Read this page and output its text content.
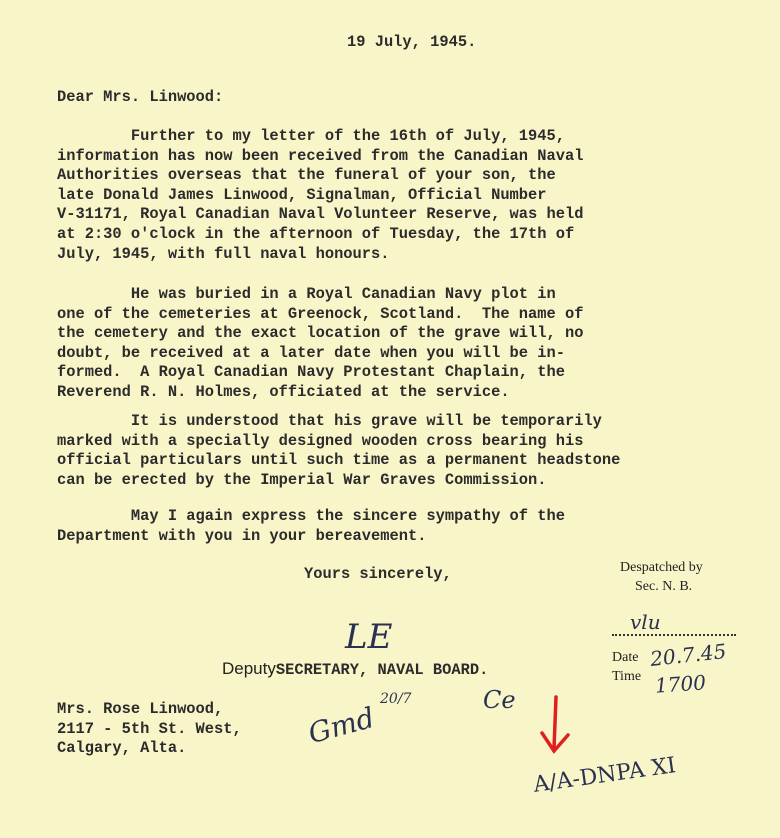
19 July, 1945.
Dear Mrs. Linwood:
Further to my letter of the 16th of July, 1945,
information has now been received from the Canadian Naval
Authorities overseas that the funeral of your son, the
late Donald James Linwood, Signalman, Official Number
V-31171, Royal Canadian Naval Volunteer Reserve, was held
at 2:30 o'clock in the afternoon of Tuesday, the 17th of
July, 1945, with full naval honours.
He was buried in a Royal Canadian Navy plot in
one of the cemeteries at Greenock, Scotland.  The name of
the cemetery and the exact location of the grave will, no
doubt, be received at a later date when you will be in-
formed.  A Royal Canadian Navy Protestant Chaplain, the
Reverend R. N. Holmes, officiated at the service.
It is understood that his grave will be temporarily
marked with a specially designed wooden cross bearing his
official particulars until such time as a permanent headstone
can be erected by the Imperial War Graves Commission.
May I again express the sincere sympathy of the
Department with you in your bereavement.
Yours sincerely,
LE
DeputySECRETARY, NAVAL BOARD.
Mrs. Rose Linwood,
2117 - 5th St. West,
Calgary, Alta.	Gmd
20/7	Ce
Despatched by
Sec. N. B.
vlu
Date 20.7.45
Time 1700
A/A-DNPA XI
